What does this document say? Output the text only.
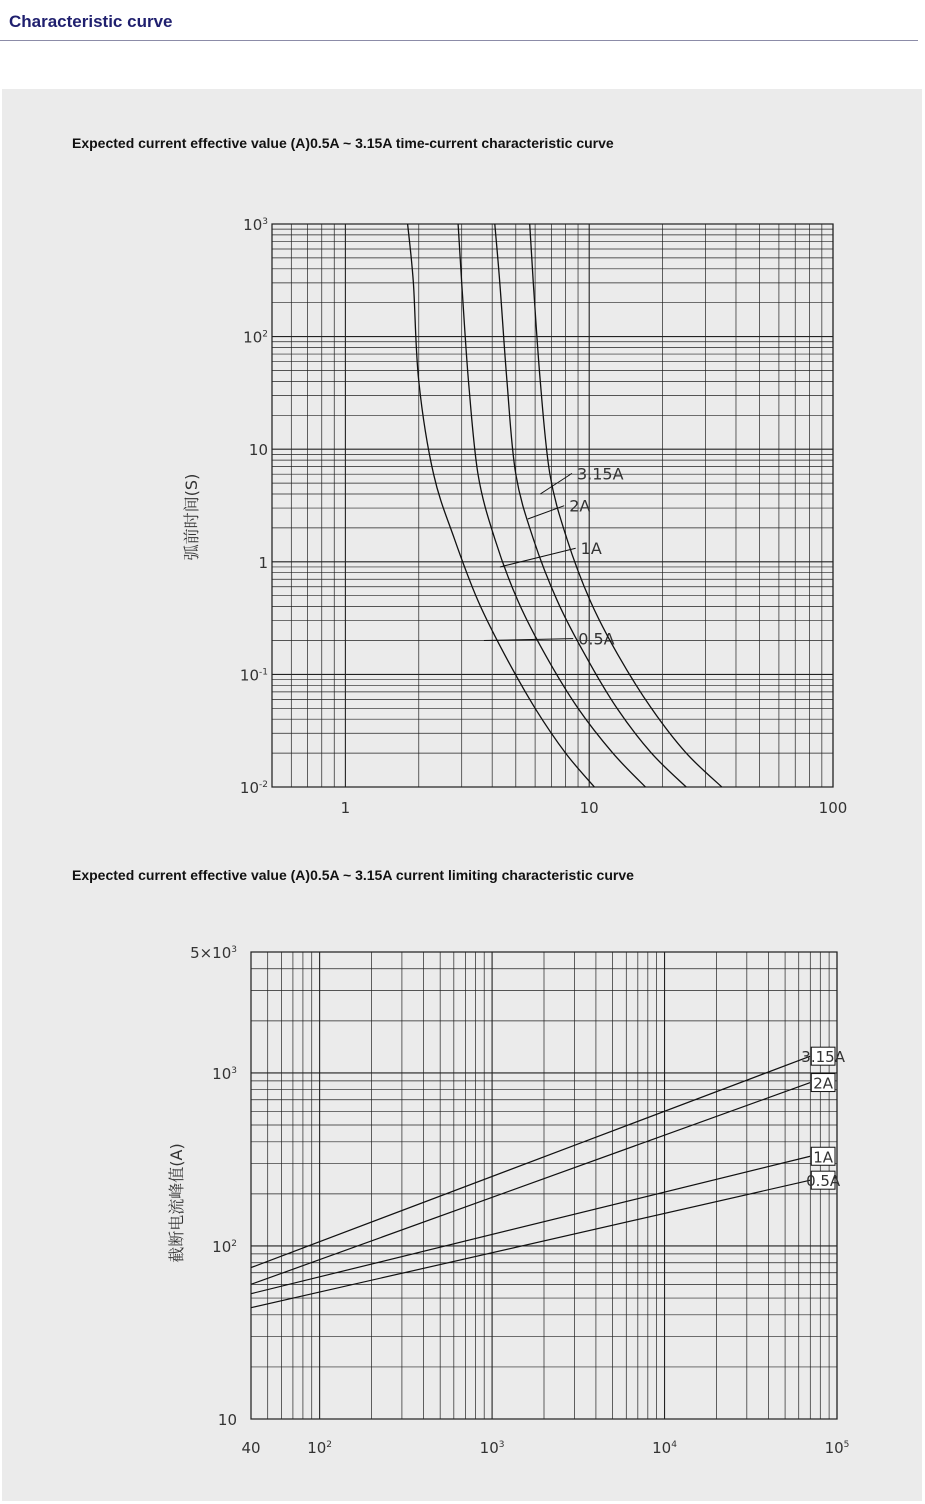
Characteristic curve
Expected current effective value (A)0.5A ~ 3.15A time-current characteristic curve
Expected current effective value (A)0.5A ~ 3.15A current limiting characteristic curve
1	10	100
$10^3$
$10^2$
10
1
$10^{-1}$
$10^{-2}$
弧前时间(S)
0.5A
1A
2A
3.15A
40	$10^2$	$10^3$	$10^4$	$10^5$
$5\times 10^3$
$10^3$
$10^2$
10
截断电流峰值(A)
3.15A
2A
1A
0.5A
